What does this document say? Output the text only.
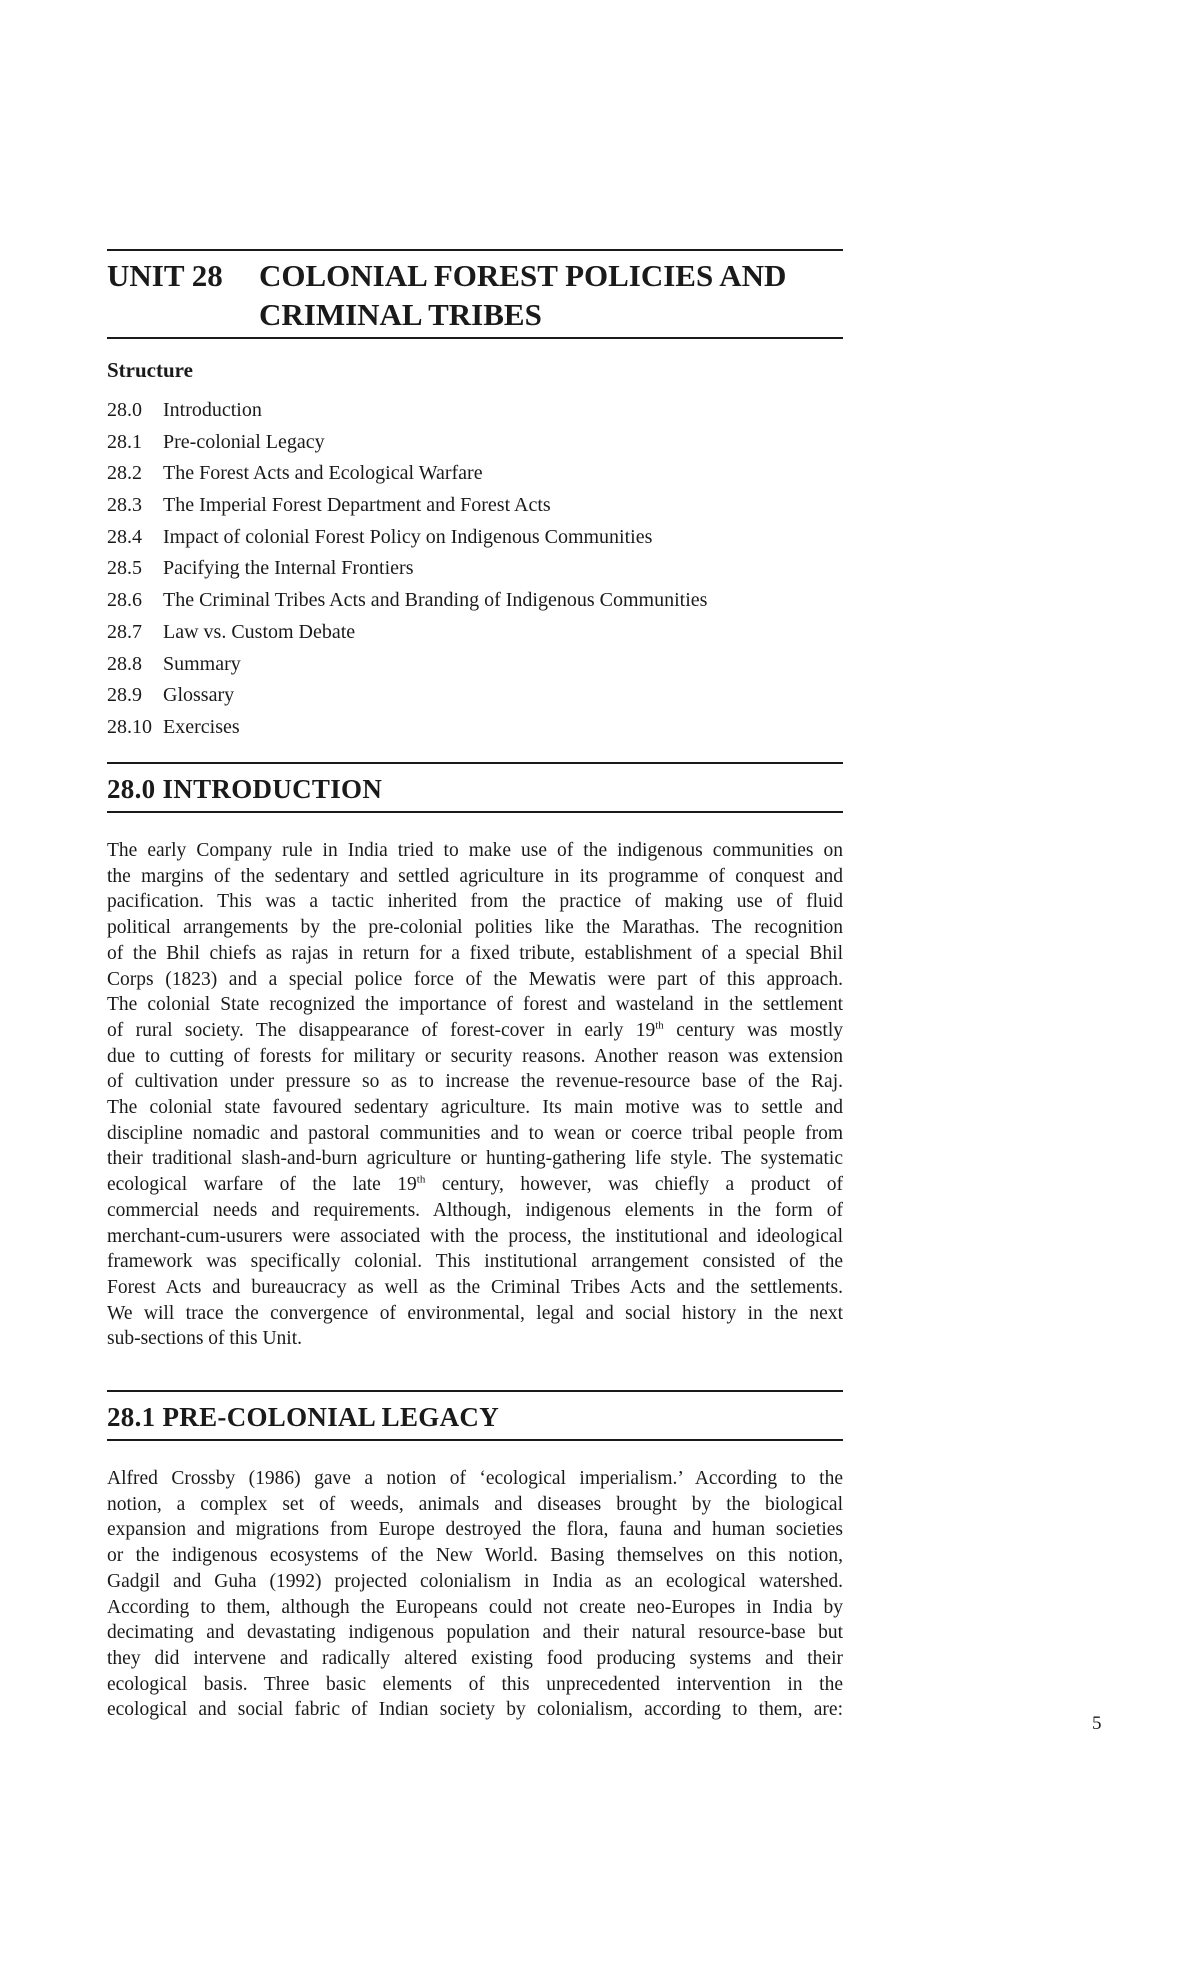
UNIT 28 COLONIAL FOREST POLICIES AND
CRIMINAL TRIBES
Structure
28.0 Introduction
28.1 Pre-colonial Legacy
28.2 The Forest Acts and Ecological Warfare
28.3 The Imperial Forest Department and Forest Acts
28.4 Impact of colonial Forest Policy on Indigenous Communities
28.5 Pacifying the Internal Frontiers
28.6 The Criminal Tribes Acts and Branding of Indigenous Communities
28.7 Law vs. Custom Debate
28.8 Summary
28.9 Glossary
28.10 Exercises
28.0 INTRODUCTION

The early Company rule in India tried to make use of the indigenous communities on
the margins of the sedentary and settled agriculture in its programme of conquest and
pacification. This was a tactic inherited from the practice of making use of fluid
political arrangements by the pre-colonial polities like the Marathas. The recognition
of the Bhil chiefs as rajas in return for a fixed tribute, establishment of a special Bhil
Corps (1823) and a special police force of the Mewatis were part of this approach.
The colonial State recognized the importance of forest and wasteland in the settlement
of rural society. The disappearance of forest-cover in early 19th century was mostly
due to cutting of forests for military or security reasons. Another reason was extension
of cultivation under pressure so as to increase the revenue-resource base of the Raj.
The colonial state favoured sedentary agriculture. Its main motive was to settle and
discipline nomadic and pastoral communities and to wean or coerce tribal people from
their traditional slash-and-burn agriculture or hunting-gathering life style. The systematic
ecological warfare of the late 19th century, however, was chiefly a product of
commercial needs and requirements. Although, indigenous elements in the form of
merchant-cum-usurers were associated with the process, the institutional and ideological
framework was specifically colonial. This institutional arrangement consisted of the
Forest Acts and bureaucracy as well as the Criminal Tribes Acts and the settlements.
We will trace the convergence of environmental, legal and social history in the next
sub-sections of this Unit.

28.1 PRE-COLONIAL LEGACY

Alfred Crossby (1986) gave a notion of ‘ecological imperialism.’ According to the
notion, a complex set of weeds, animals and diseases brought by the biological
expansion and migrations from Europe destroyed the flora, fauna and human societies
or the indigenous ecosystems of the New World. Basing themselves on this notion,
Gadgil and Guha (1992) projected colonialism in India as an ecological watershed.
According to them, although the Europeans could not create neo-Europes in India by
decimating and devastating indigenous population and their natural resource-base but
they did intervene and radically altered existing food producing systems and their
ecological basis. Three basic elements of this unprecedented intervention in the
ecological and social fabric of Indian society by colonialism, according to them, are:

5
